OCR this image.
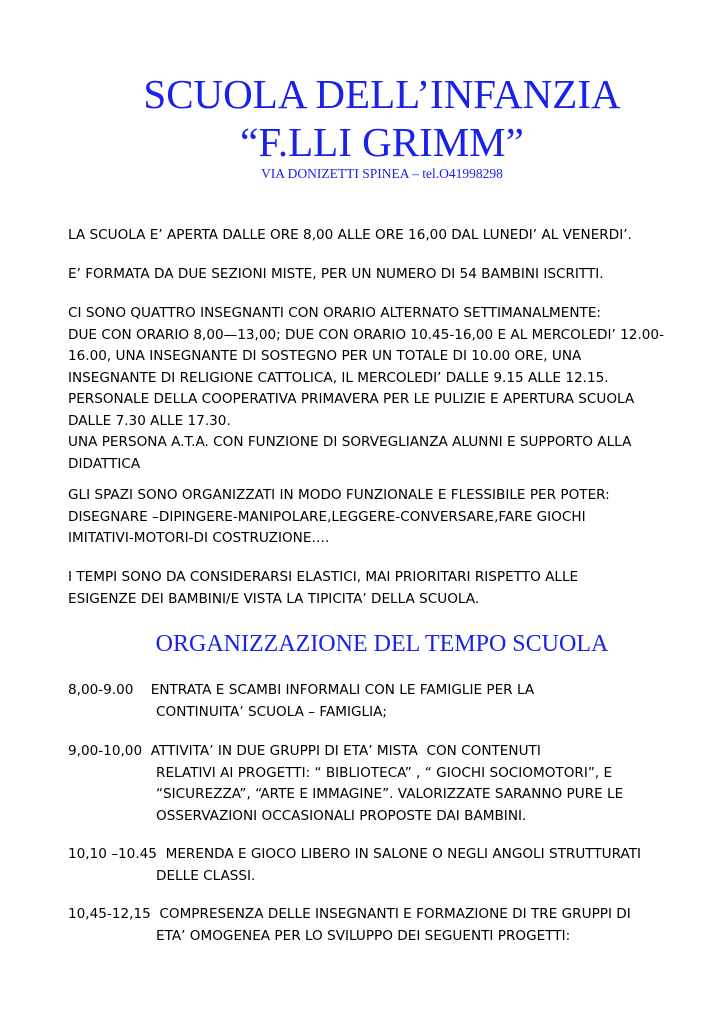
SCUOLA DELL’INFANZIA
“F.LLI GRIMM”
VIA DONIZETTI SPINEA – tel.O41998298
LA SCUOLA E’ APERTA DALLE ORE 8,00 ALLE ORE 16,00 DAL LUNEDI’ AL VENERDI’.
E’ FORMATA DA DUE SEZIONI MISTE, PER UN NUMERO DI 54 BAMBINI ISCRITTI.
CI SONO QUATTRO INSEGNANTI CON ORARIO ALTERNATO SETTIMANALMENTE:
DUE CON ORARIO 8,00—13,00; DUE CON ORARIO 10.45-16,00 E AL MERCOLEDI’ 12.00-
16.00, UNA INSEGNANTE DI SOSTEGNO PER UN TOTALE DI 10.00 ORE, UNA
INSEGNANTE DI RELIGIONE CATTOLICA, IL MERCOLEDI’ DALLE 9.15 ALLE 12.15.
PERSONALE DELLA COOPERATIVA PRIMAVERA PER LE PULIZIE E APERTURA SCUOLA
DALLE 7.30 ALLE 17.30.
UNA PERSONA A.T.A. CON FUNZIONE DI SORVEGLIANZA ALUNNI E SUPPORTO ALLA
DIDATTICA
GLI SPAZI SONO ORGANIZZATI IN MODO FUNZIONALE E FLESSIBILE PER POTER:
DISEGNARE –DIPINGERE-MANIPOLARE,LEGGERE-CONVERSARE,FARE GIOCHI
IMITATIVI-MOTORI-DI COSTRUZIONE….
I TEMPI SONO DA CONSIDERARSI ELASTICI, MAI PRIORITARI RISPETTO ALLE
ESIGENZE DEI BAMBINI/E VISTA LA TIPICITA’ DELLA SCUOLA.
ORGANIZZAZIONE DEL TEMPO SCUOLA
8,00-9.00    ENTRATA E SCAMBI INFORMALI CON LE FAMIGLIE PER LA
CONTINUITA’ SCUOLA – FAMIGLIA;
9,00-10,00  ATTIVITA’ IN DUE GRUPPI DI ETA’ MISTA  CON CONTENUTI
RELATIVI AI PROGETTI: “ BIBLIOTECA” , “ GIOCHI SOCIOMOTORI”, E
“SICUREZZA”, “ARTE E IMMAGINE”. VALORIZZATE SARANNO PURE LE
OSSERVAZIONI OCCASIONALI PROPOSTE DAI BAMBINI.
10,10 –10.45  MERENDA E GIOCO LIBERO IN SALONE O NEGLI ANGOLI STRUTTURATI
DELLE CLASSI.
10,45-12,15  COMPRESENZA DELLE INSEGNANTI E FORMAZIONE DI TRE GRUPPI DI
ETA’ OMOGENEA PER LO SVILUPPO DEI SEGUENTI PROGETTI:
